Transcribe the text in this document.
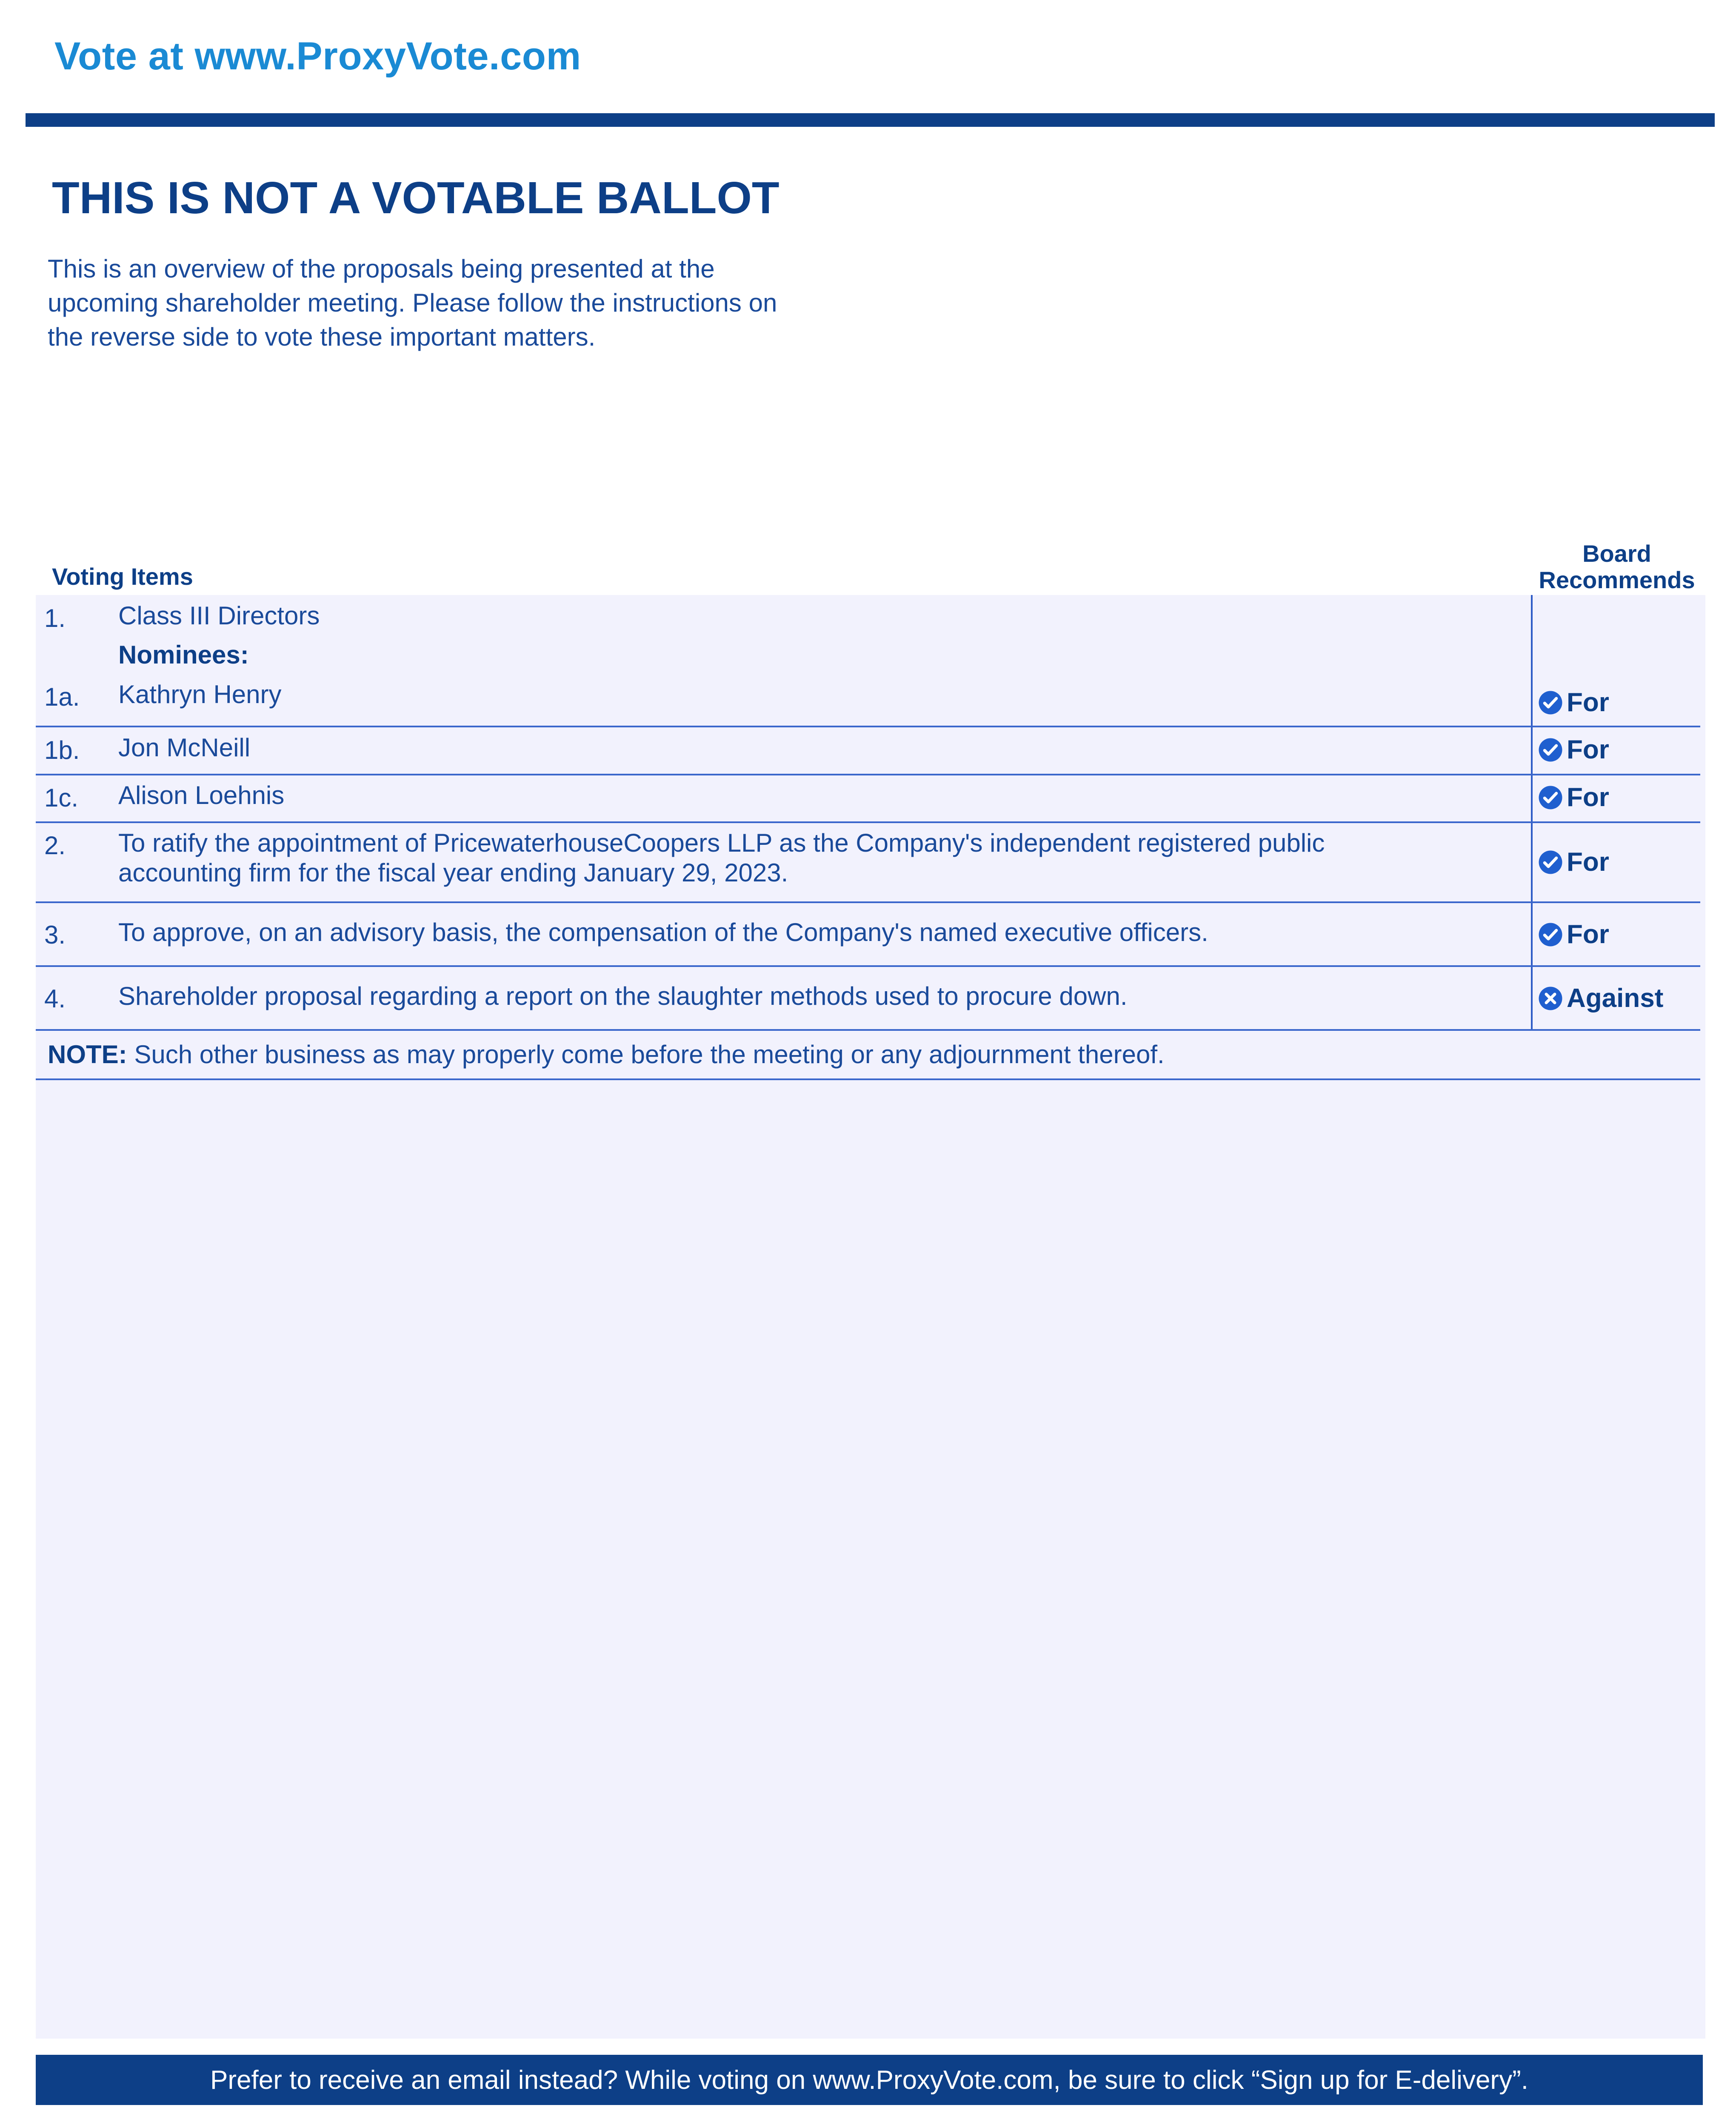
Vote at www.ProxyVote.com
THIS IS NOT A VOTABLE BALLOT
This is an overview of the proposals being presented at the
upcoming shareholder meeting. Please follow the instructions on
the reverse side to vote these important matters.
Voting Items
Board
Recommends
1. Class III Directors
Nominees:
1a. Kathryn Henry	For
1b. Jon McNeill	For
1c. Alison Loehnis	For
2. To ratify the appointment of PricewaterhouseCoopers LLP as the Company's independent registered public
accounting firm for the fiscal year ending January 29, 2023.	For
3. To approve, on an advisory basis, the compensation of the Company's named executive officers.	For
4. Shareholder proposal regarding a report on the slaughter methods used to procure down.	Against
NOTE: Such other business as may properly come before the meeting or any adjournment thereof.
Prefer to receive an email instead? While voting on www.ProxyVote.com, be sure to click “Sign up for E-delivery”.
